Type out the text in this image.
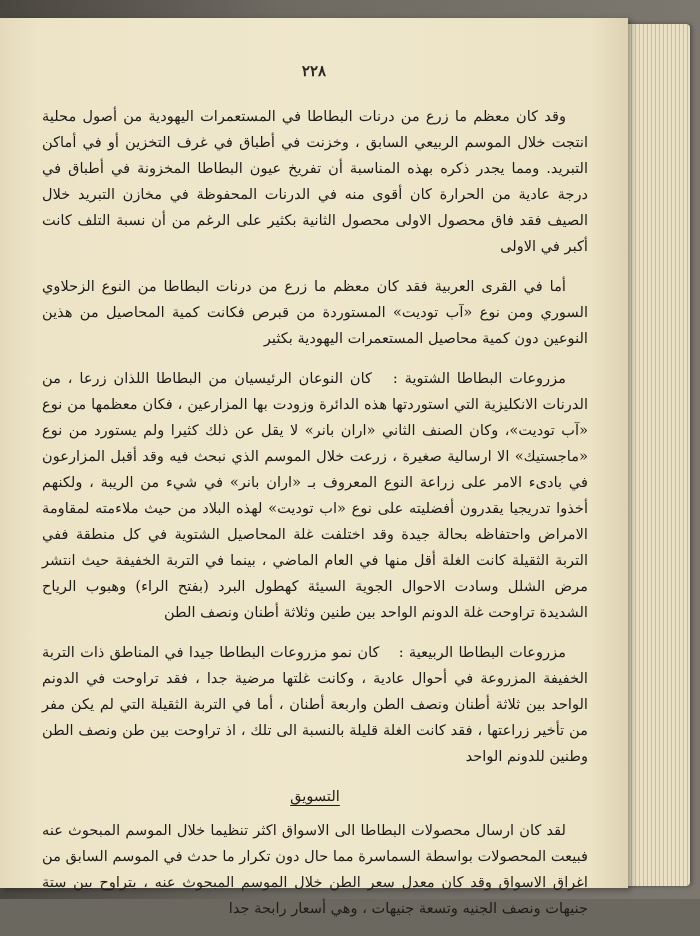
٢٢٨

وقد كان معظم ما زرع من درنات البطاطا في المستعمرات اليهودية من أصول محلية انتجت خلال الموسم الربيعي السابق ، وخزنت في أطباق في غرف التخزين أو في أماكن التبريد. ومما يجدر ذكره بهذه المناسبة أن تفريخ عيون البطاطا المخزونة في أطباق في درجة عادية من الحرارة كان أقوى منه في الدرنات المحفوظة في مخازن التبريد خلال الصيف فقد فاق محصول الاولى محصول الثانية بكثير على الرغم من أن نسبة التلف كانت أكبر في الاولى

أما في القرى العربية فقد كان معظم ما زرع من درنات البطاطا من النوع الزحلاوي السوري ومن نوع «آب توديت» المستوردة من قبرص فكانت كمية المحاصيل من هذين النوعين دون كمية محاصيل المستعمرات اليهودية بكثير

مزروعات البطاطا الشتوية : كان النوعان الرئيسيان من البطاطا اللذان زرعا ، من الدرنات الانكليزية التي استوردتها هذه الدائرة وزودت بها المزارعين ، فكان معظمها من نوع «آب توديت»، وكان الصنف الثاني «اران بانر» لا يقل عن ذلك كثيرا ولم يستورد من نوع «ماجستيك» الا ارسالية صغيرة ، زرعت خلال الموسم الذي نبحث فيه وقد أقبل المزارعون في بادىء الامر على زراعة النوع المعروف بـ «اران بانر» في شيء من الريبة ، ولكنهم أخذوا تدريجيا يقدرون أفضليته على نوع «اب توديت» لهذه البلاد من حيث ملاءمته لمقاومة الامراض واحتفاظه بحالة جيدة وقد اختلفت غلة المحاصيل الشتوية في كل منطقة ففي التربة الثقيلة كانت الغلة أقل منها في العام الماضي ، بينما في التربة الخفيفة حيث انتشر مرض الشلل وسادت الاحوال الجوية السيئة كهطول البرد (بفتح الراء) وهبوب الرياح الشديدة تراوحت غلة الدونم الواحد بين طنين وثلاثة أطنان ونصف الطن

مزروعات البطاطا الربيعية : كان نمو مزروعات البطاطا جيدا في المناطق ذات التربة الخفيفة المزروعة في أحوال عادية ، وكانت غلتها مرضية جدا ، فقد تراوحت في الدونم الواحد بين ثلاثة أطنان ونصف الطن واربعة أطنان ، أما في التربة الثقيلة التي لم يكن مفر من تأخير زراعتها ، فقد كانت الغلة قليلة بالنسبة الى تلك ، اذ تراوحت بين طن ونصف الطن وطنين للدونم الواحد

التسويق

لقد كان ارسال محصولات البطاطا الى الاسواق اكثر تنظيما خلال الموسم المبحوث عنه فبيعت المحصولات بواسطة السماسرة مما حال دون تكرار ما حدث في الموسم السابق من اغراق الاسواق وقد كان معدل سعر الطن خلال الموسم المبحوث عنه ، يتراوح بين ستة جنيهات ونصف الجنيه وتسعة جنيهات ، وهي أسعار رابحة جدا
